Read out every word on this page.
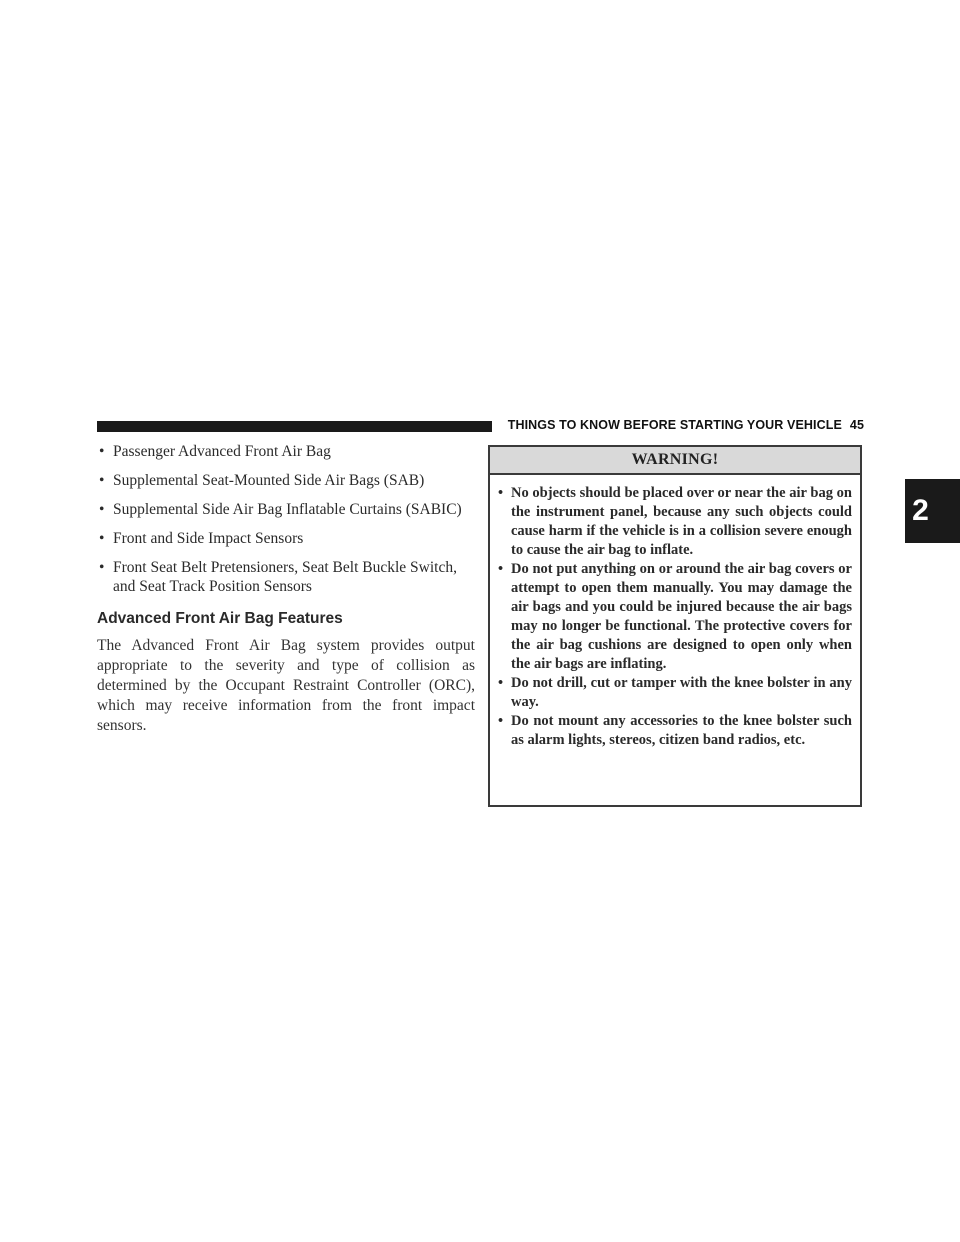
THINGS TO KNOW BEFORE STARTING YOUR VEHICLE 45
2
• Passenger Advanced Front Air Bag
• Supplemental Seat-Mounted Side Air Bags (SAB)
• Supplemental Side Air Bag Inflatable Curtains (SABIC)
• Front and Side Impact Sensors
• Front Seat Belt Pretensioners, Seat Belt Buckle Switch, and Seat Track Position Sensors
Advanced Front Air Bag Features

The Advanced Front Air Bag system provides output appropriate to the severity and type of collision as determined by the Occupant Restraint Controller (ORC), which may receive information from the front impact sensors.

WARNING!
• No objects should be placed over or near the air bag on the instrument panel, because any such objects could cause harm if the vehicle is in a collision severe enough to cause the air bag to inflate.
• Do not put anything on or around the air bag covers or attempt to open them manually. You may damage the air bags and you could be injured because the air bags may no longer be functional. The protective covers for the air bag cushions are designed to open only when the air bags are inflating.
• Do not drill, cut or tamper with the knee bolster in any way.
• Do not mount any accessories to the knee bolster such as alarm lights, stereos, citizen band radios, etc.
